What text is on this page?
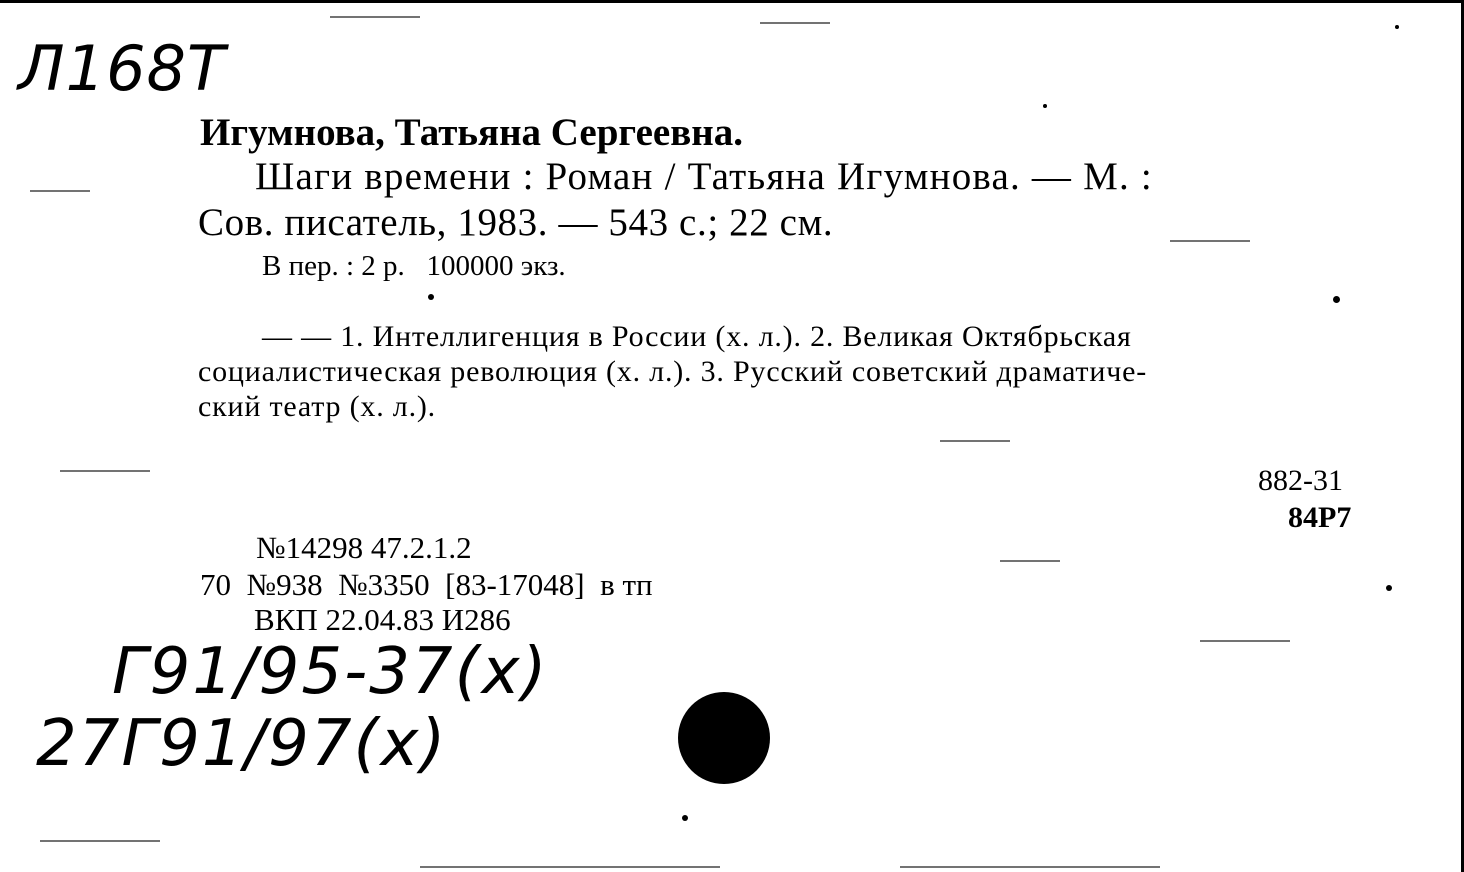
Л168Т
Игумнова, Татьяна Сергеевна.
Шаги времени : Роман / Татьяна Игумнова. — М. :
Сов. писатель, 1983. — 543 с.; 22 см.
В пер. : 2 р.   100000 экз.
— — 1. Интеллигенция в России (х. л.). 2. Великая Октябрьская
социалистическая революция (х. л.). 3. Русский советский драматиче-
ский театр (х. л.).
882-31
84Р7
№14298 47.2.1.2
70  №938  №3350  [83-17048]  в тп
ВКП 22.04.83 И286
Г91/95-37(х)
27Г91/97(х)
